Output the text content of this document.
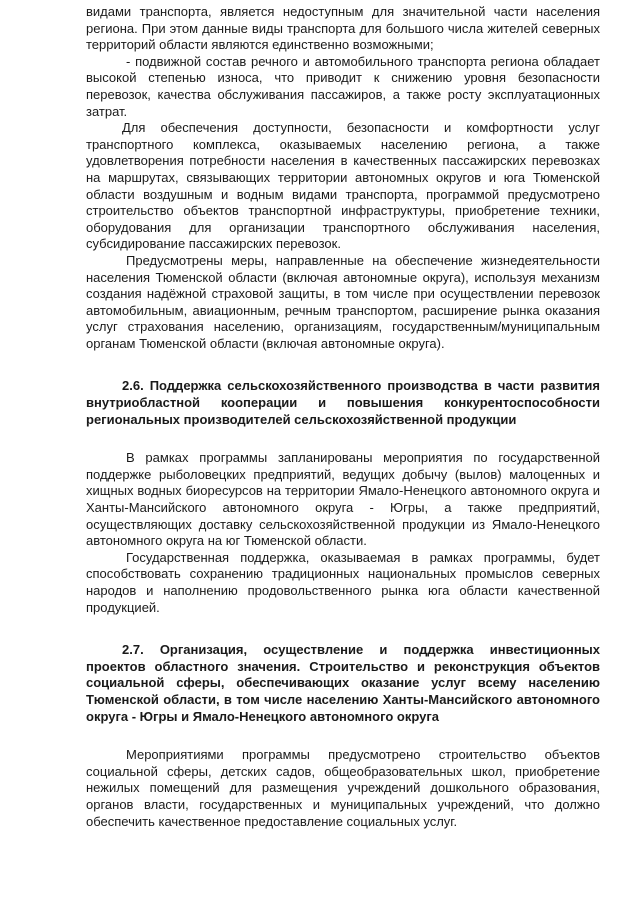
видами транспорта, является недоступным для значительной части населения региона. При этом данные виды транспорта для большого числа жителей северных территорий области являются единственно возможными;

- подвижной состав речного и автомобильного транспорта региона обладает высокой степенью износа, что приводит к снижению уровня безопасности перевозок, качества обслуживания пассажиров, а также росту эксплуатационных затрат.

Для обеспечения доступности, безопасности и комфортности услуг транспортного комплекса, оказываемых населению региона, а также удовлетворения потребности населения в качественных пассажирских перевозках на маршрутах, связывающих территории автономных округов и юга Тюменской области воздушным и водным видами транспорта, программой предусмотрено строительство объектов транспортной инфраструктуры, приобретение техники, оборудования для организации транспортного обслуживания населения, субсидирование пассажирских перевозок.

Предусмотрены меры, направленные на обеспечение жизнедеятельности населения Тюменской области (включая автономные округа), используя механизм создания надёжной страховой защиты, в том числе при осуществлении перевозок автомобильным, авиационным, речным транспортом, расширение рынка оказания услуг страхования населению, организациям, государственным/муниципальным органам Тюменской области (включая автономные округа).

2.6. Поддержка сельскохозяйственного производства в части развития внутриобластной кооперации и повышения конкурентоспособности региональных производителей сельскохозяйственной продукции

В рамках программы запланированы мероприятия по государственной поддержке рыболовецких предприятий, ведущих добычу (вылов) малоценных и хищных водных биоресурсов на территории Ямало-Ненецкого автономного округа и Ханты-Мансийского автономного округа - Югры, а также предприятий, осуществляющих доставку сельскохозяйственной продукции из Ямало-Ненецкого автономного округа на юг Тюменской области.

Государственная поддержка, оказываемая в рамках программы, будет способствовать сохранению традиционных национальных промыслов северных народов и наполнению продовольственного рынка юга области качественной продукцией.

2.7. Организация, осуществление и поддержка инвестиционных проектов областного значения. Строительство и реконструкция объектов социальной сферы, обеспечивающих оказание услуг всему населению Тюменской области, в том числе населению Ханты-Мансийского автономного округа - Югры и Ямало-Ненецкого автономного округа

Мероприятиями программы предусмотрено строительство объектов социальной сферы, детских садов, общеобразовательных школ, приобретение нежилых помещений для размещения учреждений дошкольного образования, органов власти, государственных и муниципальных учреждений, что должно обеспечить качественное предоставление социальных услуг.
